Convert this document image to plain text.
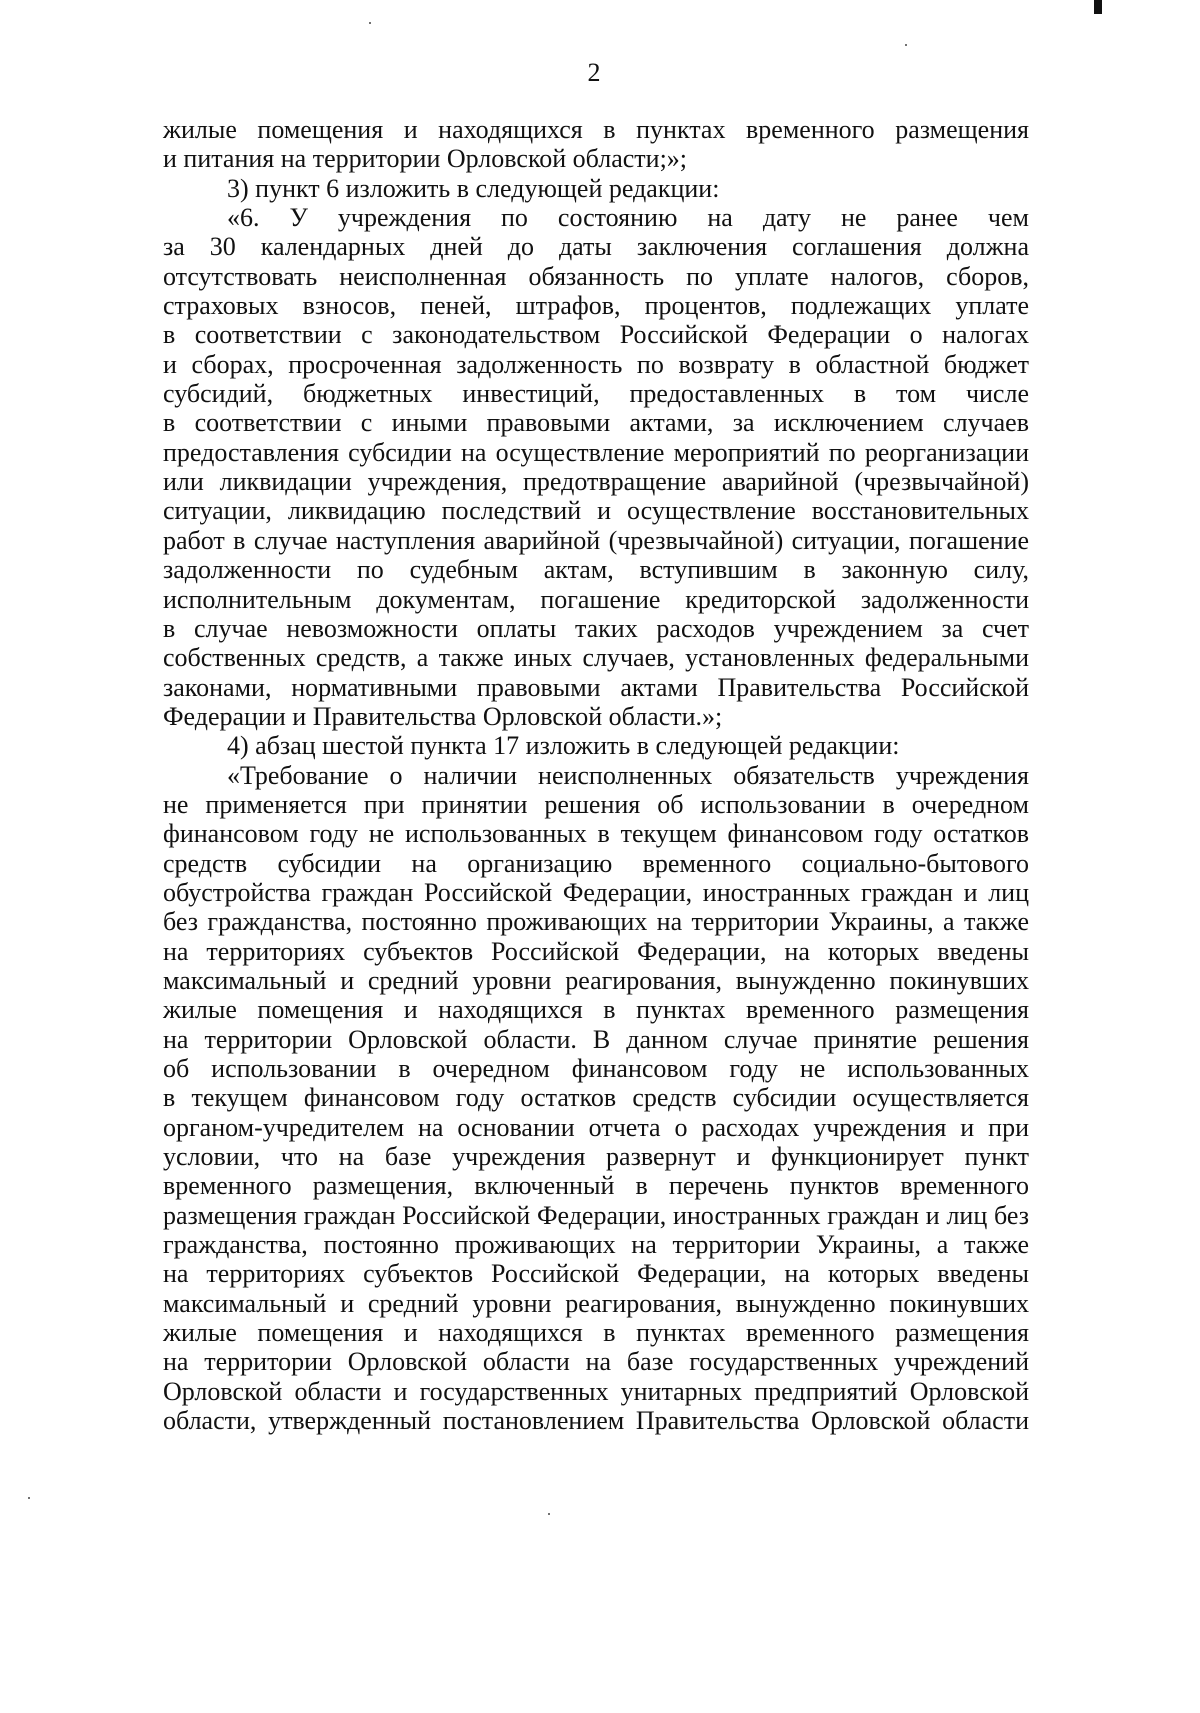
2
жилые помещения и находящихся в пунктах временного размещения
и питания на территории Орловской области;»;
3) пункт 6 изложить в следующей редакции:
«6. У учреждения по состоянию на дату не ранее чем
за 30 календарных дней до даты заключения соглашения должна
отсутствовать неисполненная обязанность по уплате налогов, сборов,
страховых взносов, пеней, штрафов, процентов, подлежащих уплате
в соответствии с законодательством Российской Федерации о налогах
и сборах, просроченная задолженность по возврату в областной бюджет
субсидий, бюджетных инвестиций, предоставленных в том числе
в соответствии с иными правовыми актами, за исключением случаев
предоставления субсидии на осуществление мероприятий по реорганизации
или ликвидации учреждения, предотвращение аварийной (чрезвычайной)
ситуации, ликвидацию последствий и осуществление восстановительных
работ в случае наступления аварийной (чрезвычайной) ситуации, погашение
задолженности по судебным актам, вступившим в законную силу,
исполнительным документам, погашение кредиторской задолженности
в случае невозможности оплаты таких расходов учреждением за счет
собственных средств, а также иных случаев, установленных федеральными
законами, нормативными правовыми актами Правительства Российской
Федерации и Правительства Орловской области.»;
4) абзац шестой пункта 17 изложить в следующей редакции:
«Требование о наличии неисполненных обязательств учреждения
не применяется при принятии решения об использовании в очередном
финансовом году не использованных в текущем финансовом году остатков
средств субсидии на организацию временного социально-бытового
обустройства граждан Российской Федерации, иностранных граждан и лиц
без гражданства, постоянно проживающих на территории Украины, а также
на территориях субъектов Российской Федерации, на которых введены
максимальный и средний уровни реагирования, вынужденно покинувших
жилые помещения и находящихся в пунктах временного размещения
на территории Орловской области. В данном случае принятие решения
об использовании в очередном финансовом году не использованных
в текущем финансовом году остатков средств субсидии осуществляется
органом-учредителем на основании отчета о расходах учреждения и при
условии, что на базе учреждения развернут и функционирует пункт
временного размещения, включенный в перечень пунктов временного
размещения граждан Российской Федерации, иностранных граждан и лиц без
гражданства, постоянно проживающих на территории Украины, а также
на территориях субъектов Российской Федерации, на которых введены
максимальный и средний уровни реагирования, вынужденно покинувших
жилые помещения и находящихся в пунктах временного размещения
на территории Орловской области на базе государственных учреждений
Орловской области и государственных унитарных предприятий Орловской
области, утвержденный постановлением Правительства Орловской области
